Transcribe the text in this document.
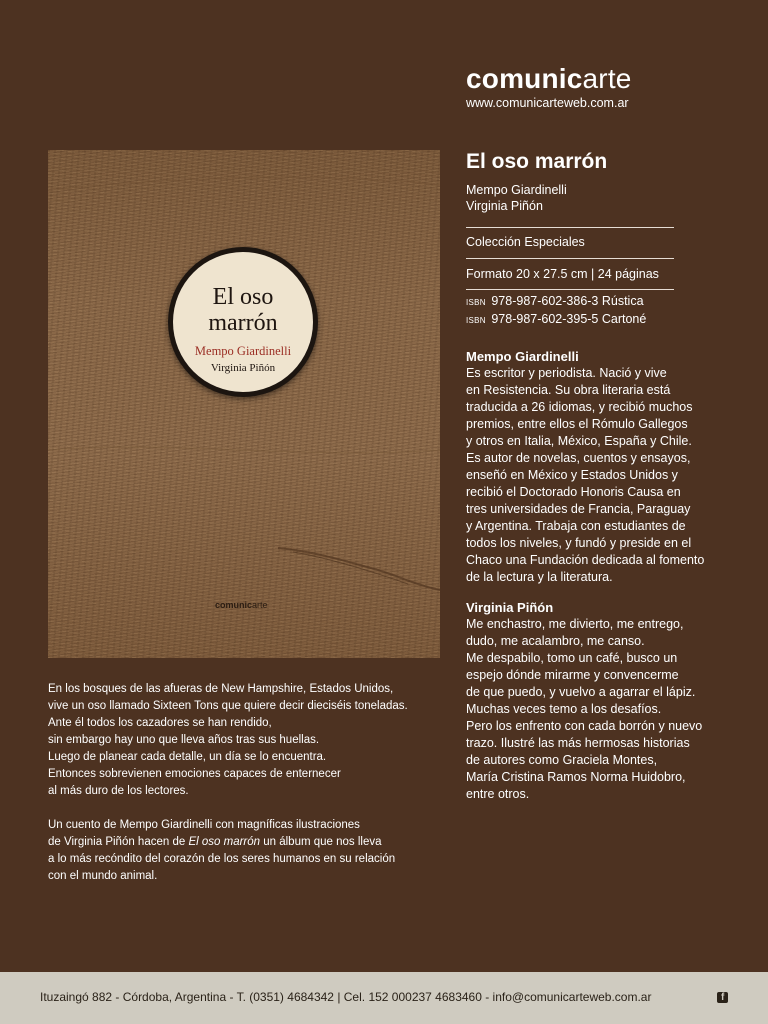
comunicarte
www.comunicarteweb.com.ar
El oso
marrón
Mempo Giardinelli
Virginia Piñón
comunicarte
El oso marrón
Mempo Giardinelli
Virginia Piñón
Colección Especiales
Formato 20 x 27.5 cm | 24 páginas
ISBN 978-987-602-386-3 Rústica
ISBN 978-987-602-395-5 Cartoné
Mempo Giardinelli
Es escritor y periodista. Nació y vive
en Resistencia. Su obra literaria está
traducida a 26 idiomas, y recibió muchos
premios, entre ellos el Rómulo Gallegos
y otros en Italia, México, España y Chile.
Es autor de novelas, cuentos y ensayos,
enseñó en México y Estados Unidos y
recibió el Doctorado Honoris Causa en
tres universidades de Francia, Paraguay
y Argentina. Trabaja con estudiantes de
todos los niveles, y fundó y preside en el
Chaco una Fundación dedicada al fomento
de la lectura y la literatura.
Virginia Piñón
Me enchastro, me divierto, me entrego,
dudo, me acalambro, me canso.
Me despabilo, tomo un café, busco un
espejo dónde mirarme y convencerme
de que puedo, y vuelvo a agarrar el lápiz.
Muchas veces temo a los desafíos.
Pero los enfrento con cada borrón y nuevo
trazo. Ilustré las más hermosas historias
de autores como Graciela Montes,
María Cristina Ramos Norma Huidobro,
entre otros.
En los bosques de las afueras de New Hampshire, Estados Unidos,
vive un oso llamado Sixteen Tons que quiere decir dieciséis toneladas.
Ante él todos los cazadores se han rendido,
sin embargo hay uno que lleva años tras sus huellas.
Luego de planear cada detalle, un día se lo encuentra.
Entonces sobrevienen emociones capaces de enternecer
al más duro de los lectores.
Un cuento de Mempo Giardinelli con magníficas ilustraciones
de Virginia Piñón hacen de El oso marrón un álbum que nos lleva
a lo más recóndito del corazón de los seres humanos en su relación
con el mundo animal.
Ituzaingó 882 - Córdoba, Argentina - T. (0351) 4684342 | Cel. 152 000237 4683460 - info@comunicarteweb.com.ar	f
